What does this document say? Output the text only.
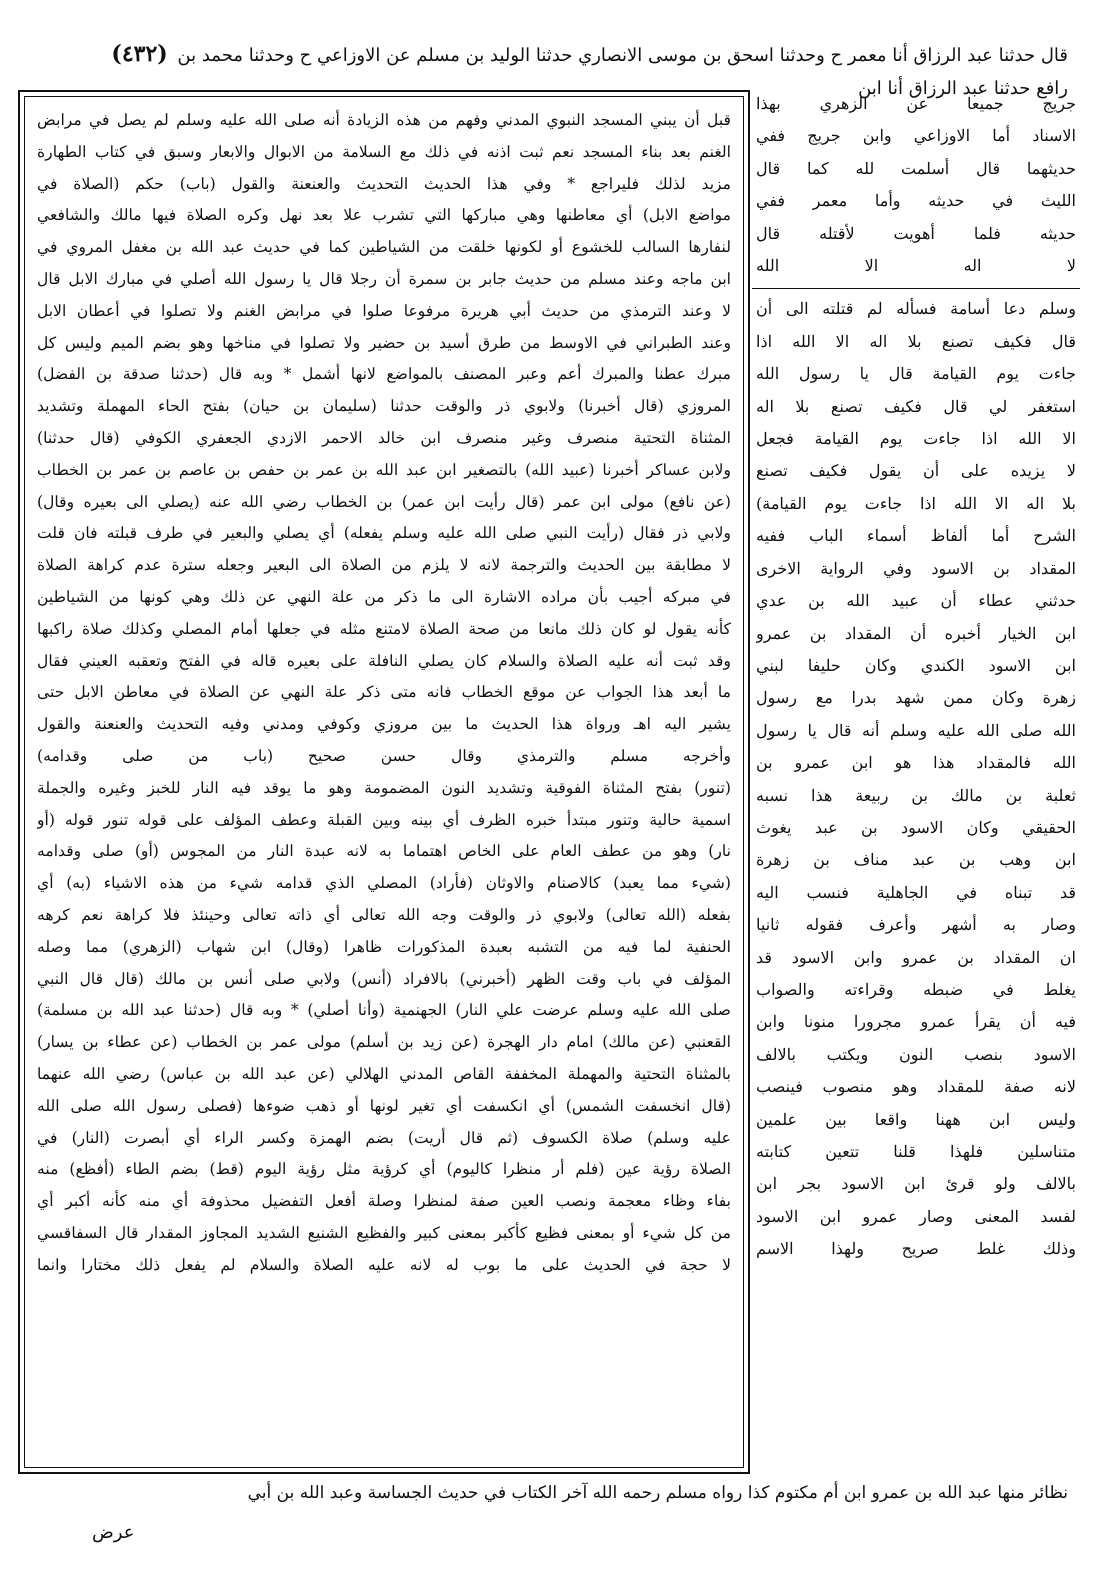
قال حدثنا عبد الرزاق أنا معمر ح وحدثنا اسحق بن موسى الانصاري حدثنا الوليد بن مسلم عن الاوزاعي ح وحدثنا محمد بن (٤٣٢)
رافع حدثنا عبد الرزاق أنا ابن
قبل أن يبني المسجد النبوي المدني وفهم من هذه الزيادة أنه صلى الله عليه وسلم لم يصل في مرابض
الغنم بعد بناء المسجد نعم ثبت اذنه في ذلك مع السلامة من الابوال والابعار وسبق في كتاب الطهارة
مزيد لذلك فليراجع * وفي هذا الحديث التحديث والعنعنة والقول (باب) حكم (الصلاة في
مواضع الابل) أي معاطنها وهي مباركها التي تشرب علا بعد نهل وكره الصلاة فيها مالك والشافعي
لنفارها السالب للخشوع أو لكونها خلقت من الشياطين كما في حديث عبد الله بن مغفل المروي في
ابن ماجه وعند مسلم من حديث جابر بن سمرة أن رجلا قال يا رسول الله أصلي في مبارك الابل قال
لا وعند الترمذي من حديث أبي هريرة مرفوعا صلوا في مرابض الغنم ولا تصلوا في أعطان الابل
وعند الطبراني في الاوسط من طرق أسيد بن حضير ولا تصلوا في مناخها وهو بضم الميم وليس كل
مبرك عطنا والمبرك أعم وعبر المصنف بالمواضع لانها أشمل * وبه قال (حدثنا صدقة بن الفضل)
المروزي (قال أخبرنا) ولابوي ذر والوقت حدثنا (سليمان بن حيان) بفتح الحاء المهملة وتشديد
المثناة التحتية منصرف وغير منصرف ابن خالد الاحمر الازدي الجعفري الكوفي (قال حدثنا)
ولابن عساكر أخبرنا (عبيد الله) بالتصغير ابن عبد الله بن عمر بن حفص بن عاصم بن عمر بن الخطاب
(عن نافع) مولى ابن عمر (قال رأيت ابن عمر) بن الخطاب رضي الله عنه (يصلي الى بعيره وقال)
ولابي ذر فقال (رأيت النبي صلى الله عليه وسلم يفعله) أي يصلي والبعير في طرف قبلته فان قلت
لا مطابقة بين الحديث والترجمة لانه لا يلزم من الصلاة الى البعير وجعله سترة عدم كراهة الصلاة
في مبركه أجيب بأن مراده الاشارة الى ما ذكر من علة النهي عن ذلك وهي كونها من الشياطين
كأنه يقول لو كان ذلك مانعا من صحة الصلاة لامتنع مثله في جعلها أمام المصلي وكذلك صلاة راكبها
وقد ثبت أنه عليه الصلاة والسلام كان يصلي النافلة على بعيره قاله في الفتح وتعقبه العيني فقال
ما أبعد هذا الجواب عن موقع الخطاب فانه متى ذكر علة النهي عن الصلاة في معاطن الابل حتى
يشير اليه اهـ ورواة هذا الحديث ما بين مروزي وكوفي ومدني وفيه التحديث والعنعنة والقول
وأخرجه مسلم والترمذي وقال حسن صحيح (باب من صلى وقدامه)
(تنور) بفتح المثناة الفوقية وتشديد النون المضمومة وهو ما يوقد فيه النار للخبز وغيره والجملة
اسمية حالية وتنور مبتدأ خبره الظرف أي بينه وبين القبلة وعطف المؤلف على قوله تنور قوله (أو
نار) وهو من عطف العام على الخاص اهتماما به لانه عبدة النار من المجوس (أو) صلى وقدامه
(شيء مما يعبد) كالاصنام والاوثان (فأراد) المصلي الذي قدامه شيء من هذه الاشياء (به) أي
بفعله (الله تعالى) ولابوي ذر والوقت وجه الله تعالى أي ذاته تعالى وحينئذ فلا كراهة نعم كرهه
الحنفية لما فيه من التشبه بعبدة المذكورات ظاهرا (وقال) ابن شهاب (الزهري) مما وصله
المؤلف في باب وقت الظهر (أخبرني) بالافراد (أنس) ولابي صلى أنس بن مالك (قال قال النبي
صلى الله عليه وسلم عرضت علي النار) الجهنمية (وأنا أصلي) * وبه قال (حدثنا عبد الله بن مسلمة)
القعنبي (عن مالك) امام دار الهجرة (عن زيد بن أسلم) مولى عمر بن الخطاب (عن عطاء بن يسار)
بالمثناة التحتية والمهملة المخففة القاص المدني الهلالي (عن عبد الله بن عباس) رضي الله عنهما
(قال انخسفت الشمس) أي انكسفت أي تغير لونها أو ذهب ضوءها (فصلى رسول الله صلى الله
عليه وسلم) صلاة الكسوف (ثم قال أريت) بضم الهمزة وكسر الراء أي أبصرت (النار) في
الصلاة رؤية عين (فلم أر منظرا كاليوم) أي كرؤية مثل رؤية اليوم (قط) بضم الطاء (أفظع) منه
بفاء وظاء معجمة ونصب العين صفة لمنظرا وصلة أفعل التفضيل محذوفة أي منه كأنه أكبر أي
من كل شيء أو بمعنى فظيع كأكبر بمعنى كبير والفظيع الشنيع الشديد المجاوز المقدار قال السفاقسي
لا حجة في الحديث على ما بوب له لانه عليه الصلاة والسلام لم يفعل ذلك مختارا وانما
جريج جميعا عن الزهري بهذا
الاسناد أما الاوزاعي وابن جريج ففي
حديثهما قال أسلمت لله كما قال
الليث في حديثه وأما معمر ففي
حديثه فلما أهويت لأقتله قال
لا اله الا الله
وسلم دعا أسامة فسأله لم قتلته الى أن
قال فكيف تصنع بلا اله الا الله اذا
جاءت يوم القيامة قال يا رسول الله
استغفر لي قال فكيف تصنع بلا اله
الا الله اذا جاءت يوم القيامة فجعل
لا يزيده على أن يقول فكيف تصنع
بلا اله الا الله اذا جاءت يوم القيامة)
الشرح أما ألفاظ أسماء الباب ففيه
المقداد بن الاسود وفي الرواية الاخرى
حدثني عطاء أن عبيد الله بن عدي
ابن الخيار أخبره أن المقداد بن عمرو
ابن الاسود الكندي وكان حليفا لبني
زهرة وكان ممن شهد بدرا مع رسول
الله صلى الله عليه وسلم أنه قال يا رسول
الله فالمقداد هذا هو ابن عمرو بن
ثعلبة بن مالك بن ربيعة هذا نسبه
الحقيقي وكان الاسود بن عبد يغوث
ابن وهب بن عبد مناف بن زهرة
قد تبناه في الجاهلية فنسب اليه
وصار به أشهر وأعرف فقوله ثانيا
ان المقداد بن عمرو وابن الاسود قد
يغلط في ضبطه وقراءته والصواب
فيه أن يقرأ عمرو مجرورا منونا وابن
الاسود بنصب النون ويكتب بالالف
لانه صفة للمقداد وهو منصوب فينصب
وليس ابن ههنا واقعا بين علمين
متناسلين فلهذا قلنا تتعين كتابته
بالالف ولو قرئ ابن الاسود بجر ابن
لفسد المعنى وصار عمرو ابن الاسود
وذلك غلط صريح ولهذا الاسم
نظائر منها عبد الله بن عمرو ابن أم مكتوم كذا رواه مسلم رحمه الله آخر الكتاب في حديث الجساسة وعبد الله بن أبي
عرض
